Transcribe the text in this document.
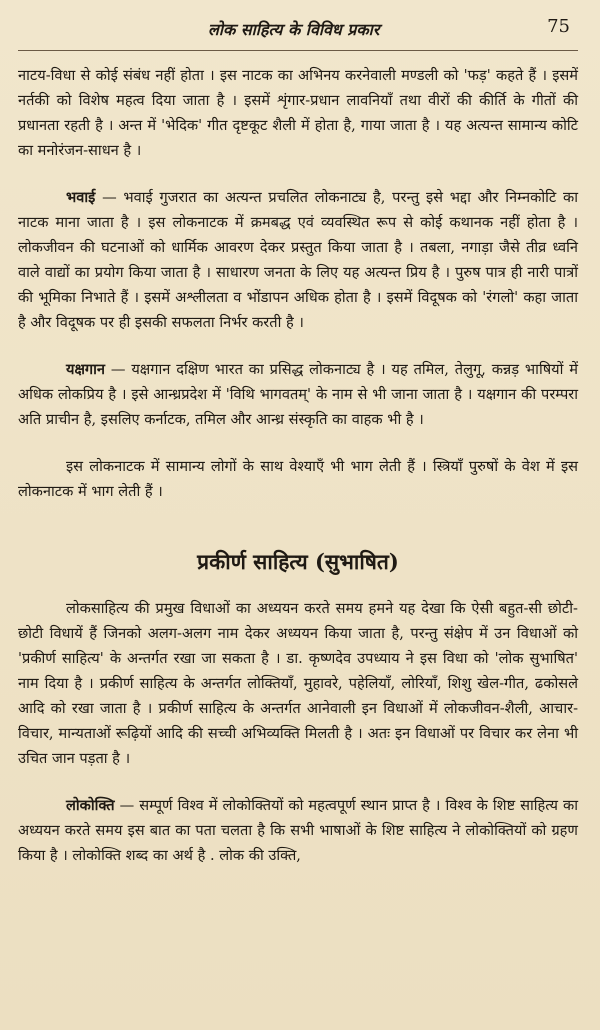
लोक साहित्य के विविध प्रकार	75

नाटय-विधा से कोई संबंध नहीं होता । इस नाटक का अभिनय करनेवाली मण्डली को 'फड़' कहते हैं । इसमें नर्तकी को विशेष महत्व दिया जाता है । इसमें शृंगार-प्रधान लावनियाँ तथा वीरों की कीर्ति के गीतों की प्रधानता रहती है । अन्त में 'भेदिक' गीत दृष्टकूट शैली में होता है, गाया जाता है । यह अत्यन्त सामान्य कोटि का मनोरंजन-साधन है ।

भवाई — भवाई गुजरात का अत्यन्त प्रचलित लोकनाट्य है, परन्तु इसे भद्दा और निम्नकोटि का नाटक माना जाता है । इस लोकनाटक में क्रमबद्ध एवं व्यवस्थित रूप से कोई कथानक नहीं होता है । लोकजीवन की घटनाओं को धार्मिक आवरण देकर प्रस्तुत किया जाता है । तबला, नगाड़ा जैसे तीव्र ध्वनि वाले वाद्यों का प्रयोग किया जाता है । साधारण जनता के लिए यह अत्यन्त प्रिय है । पुरुष पात्र ही नारी पात्रों की भूमिका निभाते हैं । इसमें अश्लीलता व भोंडापन अधिक होता है । इसमें विदूषक को 'रंगलो' कहा जाता है और विदूषक पर ही इसकी सफलता निर्भर करती है ।

यक्षगान — यक्षगान दक्षिण भारत का प्रसिद्ध लोकनाट्य है । यह तमिल, तेलुगू, कन्नड़ भाषियों में अधिक लोकप्रिय है । इसे आन्ध्रप्रदेश में 'विथि भागवतम्' के नाम से भी जाना जाता है । यक्षगान की परम्परा अति प्राचीन है, इसलिए कर्नाटक, तमिल और आन्ध्र संस्कृति का वाहक भी है ।

इस लोकनाटक में सामान्य लोगों के साथ वेश्याएँ भी भाग लेती हैं । स्त्रियाँ पुरुषों के वेश में इस लोकनाटक में भाग लेती हैं ।

प्रकीर्ण साहित्य (सुभाषित)

लोकसाहित्य की प्रमुख विधाओं का अध्ययन करते समय हमने यह देखा कि ऐसी बहुत-सी छोटी-छोटी विधायें हैं जिनको अलग-अलग नाम देकर अध्ययन किया जाता है, परन्तु संक्षेप में उन विधाओं को 'प्रकीर्ण साहित्य' के अन्तर्गत रखा जा सकता है । डा. कृष्णदेव उपध्याय ने इस विधा को 'लोक सुभाषित' नाम दिया है । प्रकीर्ण साहित्य के अन्तर्गत लोक्तियाँ, मुहावरे, पहेलियाँ, लोरियाँ, शिशु खेल-गीत, ढकोसले आदि को रखा जाता है । प्रकीर्ण साहित्य के अन्तर्गत आनेवाली इन विधाओं में लोकजीवन-शैली, आचार-विचार, मान्यताओं रूढ़ियों आदि की सच्ची अभिव्यक्ति मिलती है । अतः इन विधाओं पर विचार कर लेना भी उचित जान पड़ता है ।

लोकोक्ति — सम्पूर्ण विश्व में लोकोक्तियों को महत्वपूर्ण स्थान प्राप्त है । विश्व के शिष्ट साहित्य का अध्ययन करते समय इस बात का पता चलता है कि सभी भाषाओं के शिष्ट साहित्य ने लोकोक्तियों को ग्रहण किया है । लोकोक्ति शब्द का अर्थ है . लोक की उक्ति,
